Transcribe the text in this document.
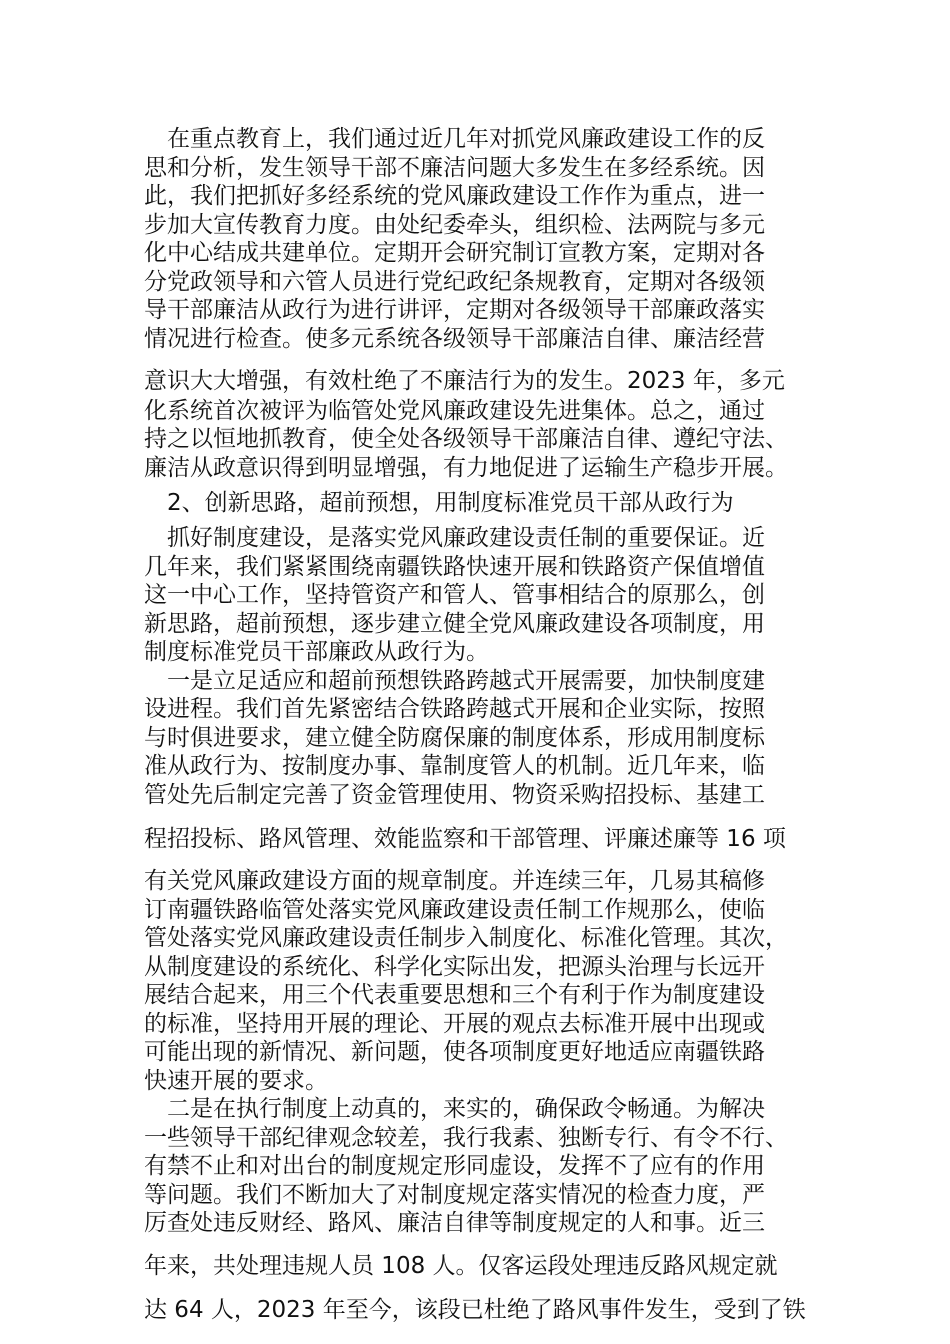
　在重点教育上，我们通过近几年对抓党风廉政建设工作的反
思和分析，发生领导干部不廉洁问题大多发生在多经系统。因
此，我们把抓好多经系统的党风廉政建设工作作为重点，进一
步加大宣传教育力度。由处纪委牵头，组织检、法两院与多元
化中心结成共建单位。定期开会研究制订宣教方案，定期对各
分党政领导和六管人员进行党纪政纪条规教育，定期对各级领
导干部廉洁从政行为进行讲评，定期对各级领导干部廉政落实
情况进行检查。使多元系统各级领导干部廉洁自律、廉洁经营
意识大大增强，有效杜绝了不廉洁行为的发生。2023 年，多元
化系统首次被评为临管处党风廉政建设先进集体。总之，通过
持之以恒地抓教育，使全处各级领导干部廉洁自律、遵纪守法、
廉洁从政意识得到明显增强，有力地促进了运输生产稳步开展。
　2、创新思路，超前预想，用制度标准党员干部从政行为
　抓好制度建设，是落实党风廉政建设责任制的重要保证。近
几年来，我们紧紧围绕南疆铁路快速开展和铁路资产保值增值
这一中心工作，坚持管资产和管人、管事相结合的原那么，创
新思路，超前预想，逐步建立健全党风廉政建设各项制度，用
制度标准党员干部廉政从政行为。
　一是立足适应和超前预想铁路跨越式开展需要，加快制度建
设进程。我们首先紧密结合铁路跨越式开展和企业实际，按照
与时俱进要求，建立健全防腐保廉的制度体系，形成用制度标
准从政行为、按制度办事、靠制度管人的机制。近几年来，临
管处先后制定完善了资金管理使用、物资采购招投标、基建工
程招投标、路风管理、效能监察和干部管理、评廉述廉等 16 项
有关党风廉政建设方面的规章制度。并连续三年，几易其稿修
订南疆铁路临管处落实党风廉政建设责任制工作规那么，使临
管处落实党风廉政建设责任制步入制度化、标准化管理。其次，
从制度建设的系统化、科学化实际出发，把源头治理与长远开
展结合起来，用三个代表重要思想和三个有利于作为制度建设
的标准，坚持用开展的理论、开展的观点去标准开展中出现或
可能出现的新情况、新问题，使各项制度更好地适应南疆铁路
快速开展的要求。
　二是在执行制度上动真的，来实的，确保政令畅通。为解决
一些领导干部纪律观念较差，我行我素、独断专行、有令不行、
有禁不止和对出台的制度规定形同虚设，发挥不了应有的作用
等问题。我们不断加大了对制度规定落实情况的检查力度，严
厉查处违反财经、路风、廉洁自律等制度规定的人和事。近三
年来，共处理违规人员 108 人。仅客运段处理违反路风规定就
达 64 人，2023 年至今，该段已杜绝了路风事件发生，受到了铁
